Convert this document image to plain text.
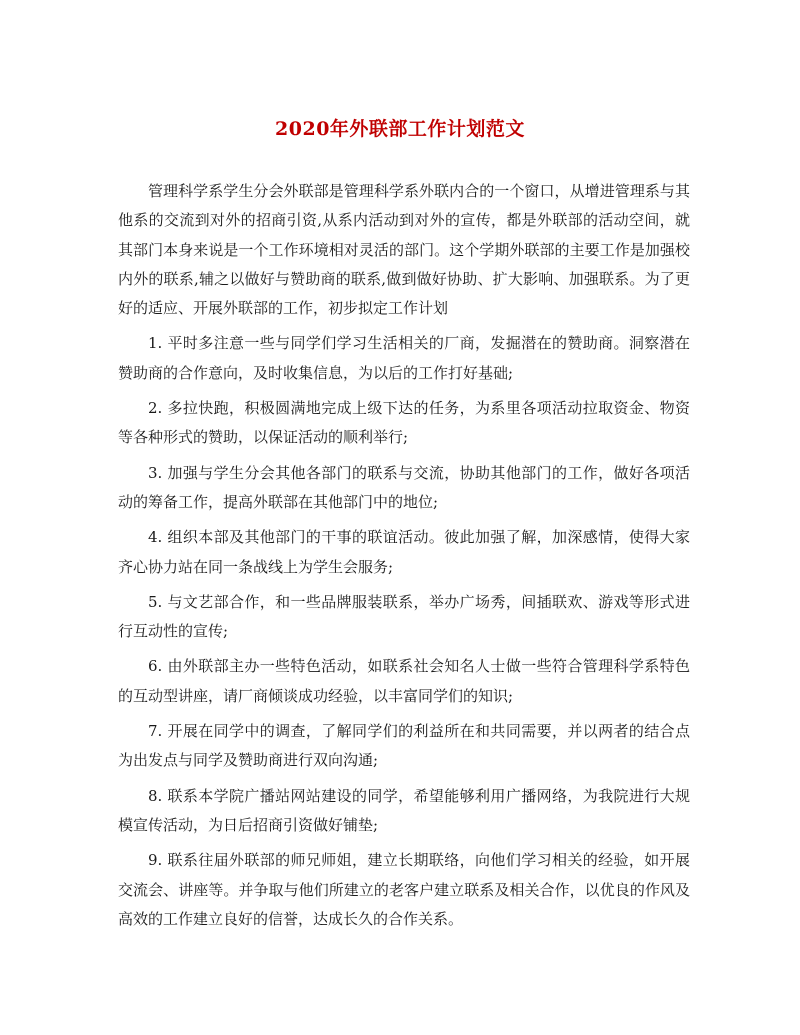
2020年外联部工作计划范文

管理科学系学生分会外联部是管理科学系外联内合的一个窗口，从增进管理系与其他系的交流到对外的招商引资,从系内活动到对外的宣传，都是外联部的活动空间，就其部门本身来说是一个工作环境相对灵活的部门。这个学期外联部的主要工作是加强校内外的联系,辅之以做好与赞助商的联系,做到做好协助、扩大影响、加强联系。为了更好的适应、开展外联部的工作，初步拟定工作计划

1. 平时多注意一些与同学们学习生活相关的厂商，发掘潜在的赞助商。洞察潜在赞助商的合作意向，及时收集信息，为以后的工作打好基础;

2. 多拉快跑，积极圆满地完成上级下达的任务，为系里各项活动拉取资金、物资等各种形式的赞助，以保证活动的顺利举行;

3. 加强与学生分会其他各部门的联系与交流，协助其他部门的工作，做好各项活动的筹备工作，提高外联部在其他部门中的地位;

4. 组织本部及其他部门的干事的联谊活动。彼此加强了解，加深感情，使得大家齐心协力站在同一条战线上为学生会服务;

5. 与文艺部合作，和一些品牌服装联系，举办广场秀，间插联欢、游戏等形式进行互动性的宣传;

6. 由外联部主办一些特色活动，如联系社会知名人士做一些符合管理科学系特色的互动型讲座，请厂商倾谈成功经验，以丰富同学们的知识;

7. 开展在同学中的调查，了解同学们的利益所在和共同需要，并以两者的结合点为出发点与同学及赞助商进行双向沟通;

8. 联系本学院广播站网站建设的同学，希望能够利用广播网络，为我院进行大规模宣传活动，为日后招商引资做好铺垫;

9. 联系往届外联部的师兄师姐，建立长期联络，向他们学习相关的经验，如开展交流会、讲座等。并争取与他们所建立的老客户建立联系及相关合作，以优良的作风及高效的工作建立良好的信誉，达成长久的合作关系。
